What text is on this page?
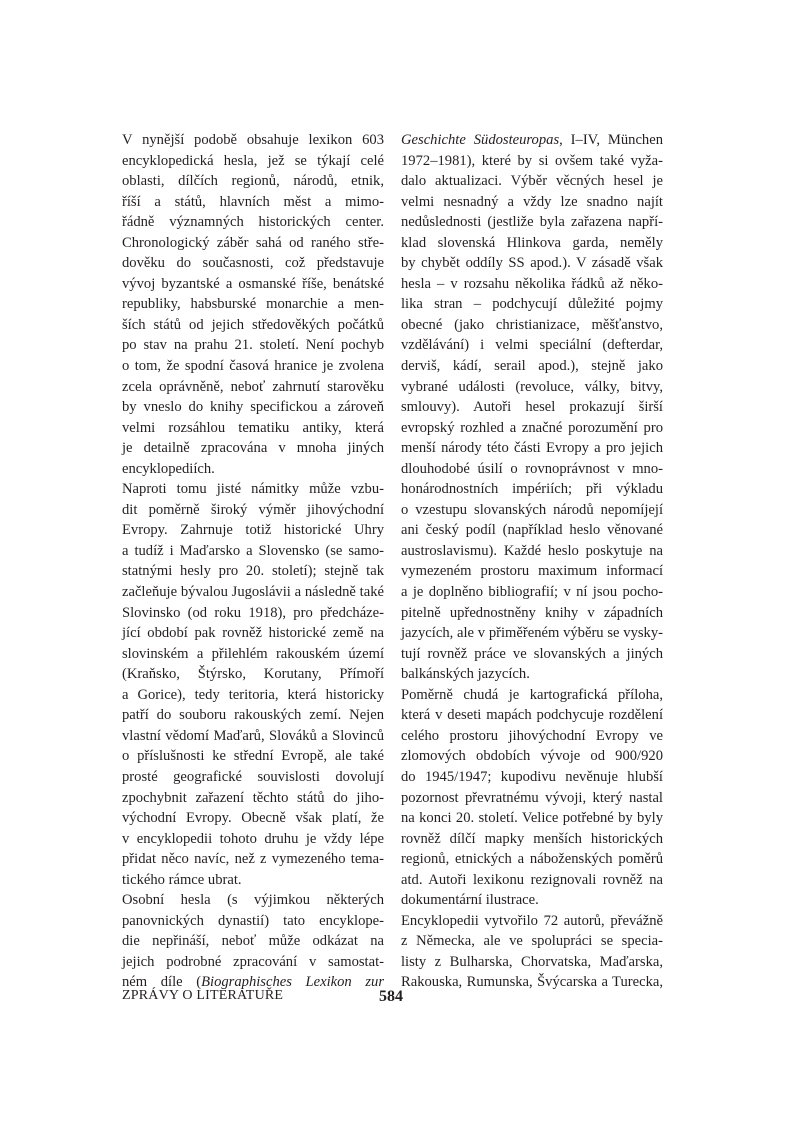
V nynější podobě obsahuje lexikon 603
encyklopedická hesla, jež se týkají celé
oblasti, dílčích regionů, národů, etnik,
říší a států, hlavních měst a mimo-
řádně významných historických center.
Chronologický záběr sahá od raného stře-
dověku do současnosti, což představuje
vývoj byzantské a osmanské říše, benátské
republiky, habsburské monarchie a men-
ších států od jejich středověkých počátků
po stav na prahu 21. století. Není pochyb
o tom, že spodní časová hranice je zvolena
zcela oprávněně, neboť zahrnutí starověku
by vneslo do knihy specifickou a zároveň
velmi rozsáhlou tematiku antiky, která
je detailně zpracována v mnoha jiných
encyklopediích.

Naproti tomu jisté námitky může vzbu-
dit poměrně široký výměr jihovýchodní
Evropy. Zahrnuje totiž historické Uhry
a tudíž i Maďarsko a Slovensko (se samo-
statnými hesly pro 20. století); stejně tak
začleňuje bývalou Jugoslávii a následně také
Slovinsko (od roku 1918), pro předcháze-
jící období pak rovněž historické země na
slovinském a přilehlém rakouském území
(Kraňsko, Štýrsko, Korutany, Přímoří
a Gorice), tedy teritoria, která historicky
patří do souboru rakouských zemí. Nejen
vlastní vědomí Maďarů, Slováků a Slovinců
o příslušnosti ke střední Evropě, ale také
prosté geografické souvislosti dovolují
zpochybnit zařazení těchto států do jiho-
východní Evropy. Obecně však platí, že
v encyklopedii tohoto druhu je vždy lépe
přidat něco navíc, než z vymezeného tema-
tického rámce ubrat.

Osobní hesla (s výjimkou některých
panovnických dynastií) tato encyklope-
die nepřináší, neboť může odkázat na
jejich podrobné zpracování v samostat-
ném díle (Biographisches Lexikon zur

Geschichte Südosteuropas, I–IV, München
1972–1981), které by si ovšem také vyža-
dalo aktualizaci. Výběr věcných hesel je
velmi nesnadný a vždy lze snadno najít
nedůslednosti (jestliže byla zařazena napří-
klad slovenská Hlinkova garda, neměly
by chybět oddíly SS apod.). V zásadě však
hesla – v rozsahu několika řádků až něko-
lika stran – podchycují důležité pojmy
obecné (jako christianizace, měšťanstvo,
vzdělávání) i velmi speciální (defterdar,
derviš, kádí, serail apod.), stejně jako
vybrané události (revoluce, války, bitvy,
smlouvy). Autoři hesel prokazují širší
evropský rozhled a značné porozumění pro
menší národy této části Evropy a pro jejich
dlouhodobé úsilí o rovnoprávnost v mno-
honárodnostních impériích; při výkladu
o vzestupu slovanských národů nepomíjejí
ani český podíl (například heslo věnované
austroslavismu). Každé heslo poskytuje na
vymezeném prostoru maximum informací
a je doplněno bibliografií; v ní jsou pocho-
pitelně upřednostněny knihy v západních
jazycích, ale v přiměřeném výběru se vysky-
tují rovněž práce ve slovanských a jiných
balkánských jazycích.

Poměrně chudá je kartografická příloha,
která v deseti mapách podchycuje rozdělení
celého prostoru jihovýchodní Evropy ve
zlomových obdobích vývoje od 900/920
do 1945/1947; kupodivu nevěnuje hlubší
pozornost převratnému vývoji, který nastal
na konci 20. století. Velice potřebné by byly
rovněž dílčí mapky menších historických
regionů, etnických a náboženských poměrů
atd. Autoři lexikonu rezignovali rovněž na
dokumentární ilustrace.

Encyklopedii vytvořilo 72 autorů, převážně
z Německa, ale ve spolupráci se specia-
listy z Bulharska, Chorvatska, Maďarska,
Rakouska, Rumunska, Švýcarska a Turecka,

ZPRÁVY O LITERATUŘE	584
